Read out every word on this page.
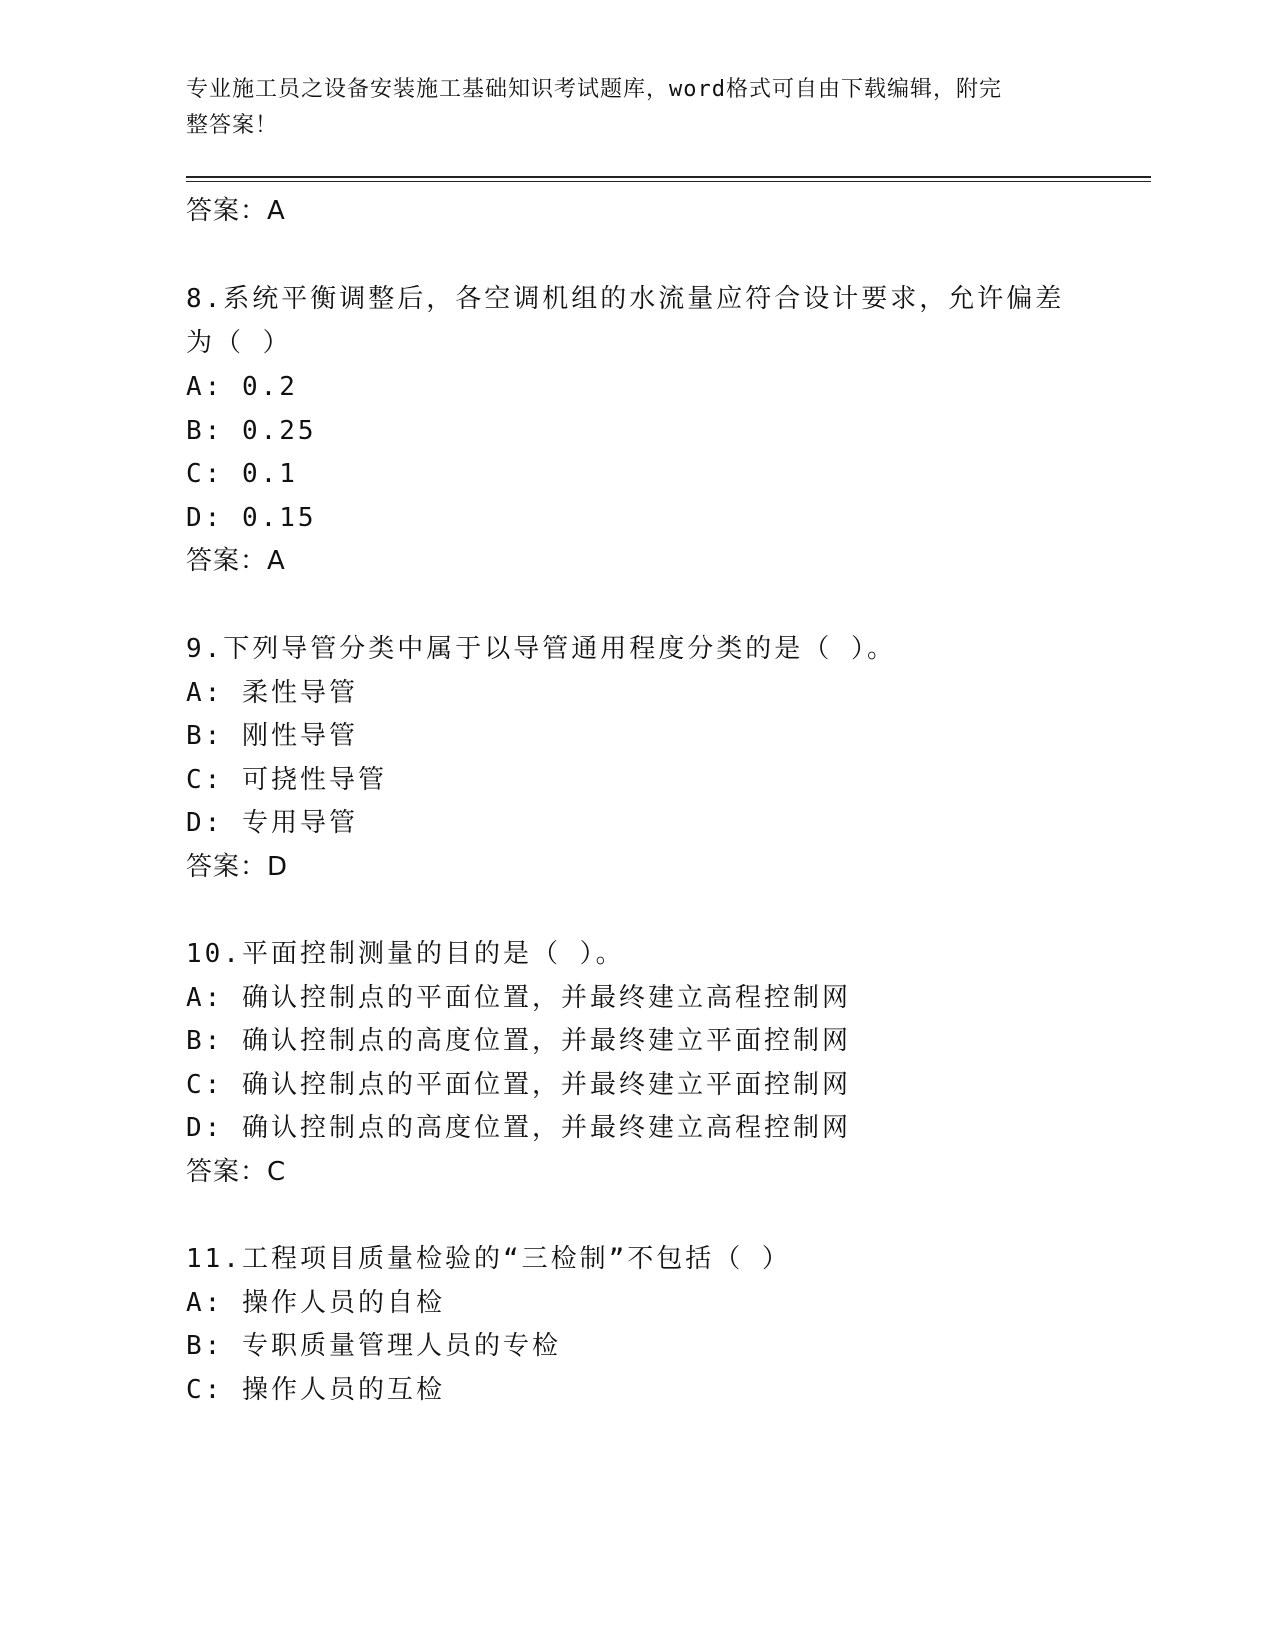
专业施工员之设备安装施工基础知识考试题库，word格式可自由下载编辑，附完
整答案！
答案：A
8.系统平衡调整后，各空调机组的水流量应符合设计要求，允许偏差
为（ ）
A: 0.2
B: 0.25
C: 0.1
D: 0.15
答案：A
9.下列导管分类中属于以导管通用程度分类的是（ ）。
A: 柔性导管
B: 刚性导管
C: 可挠性导管
D: 专用导管
答案：D
10.平面控制测量的目的是（ ）。
A: 确认控制点的平面位置，并最终建立高程控制网
B: 确认控制点的高度位置，并最终建立平面控制网
C: 确认控制点的平面位置，并最终建立平面控制网
D: 确认控制点的高度位置，并最终建立高程控制网
答案：C
11.工程项目质量检验的“三检制”不包括（ ）
A: 操作人员的自检
B: 专职质量管理人员的专检
C: 操作人员的互检
